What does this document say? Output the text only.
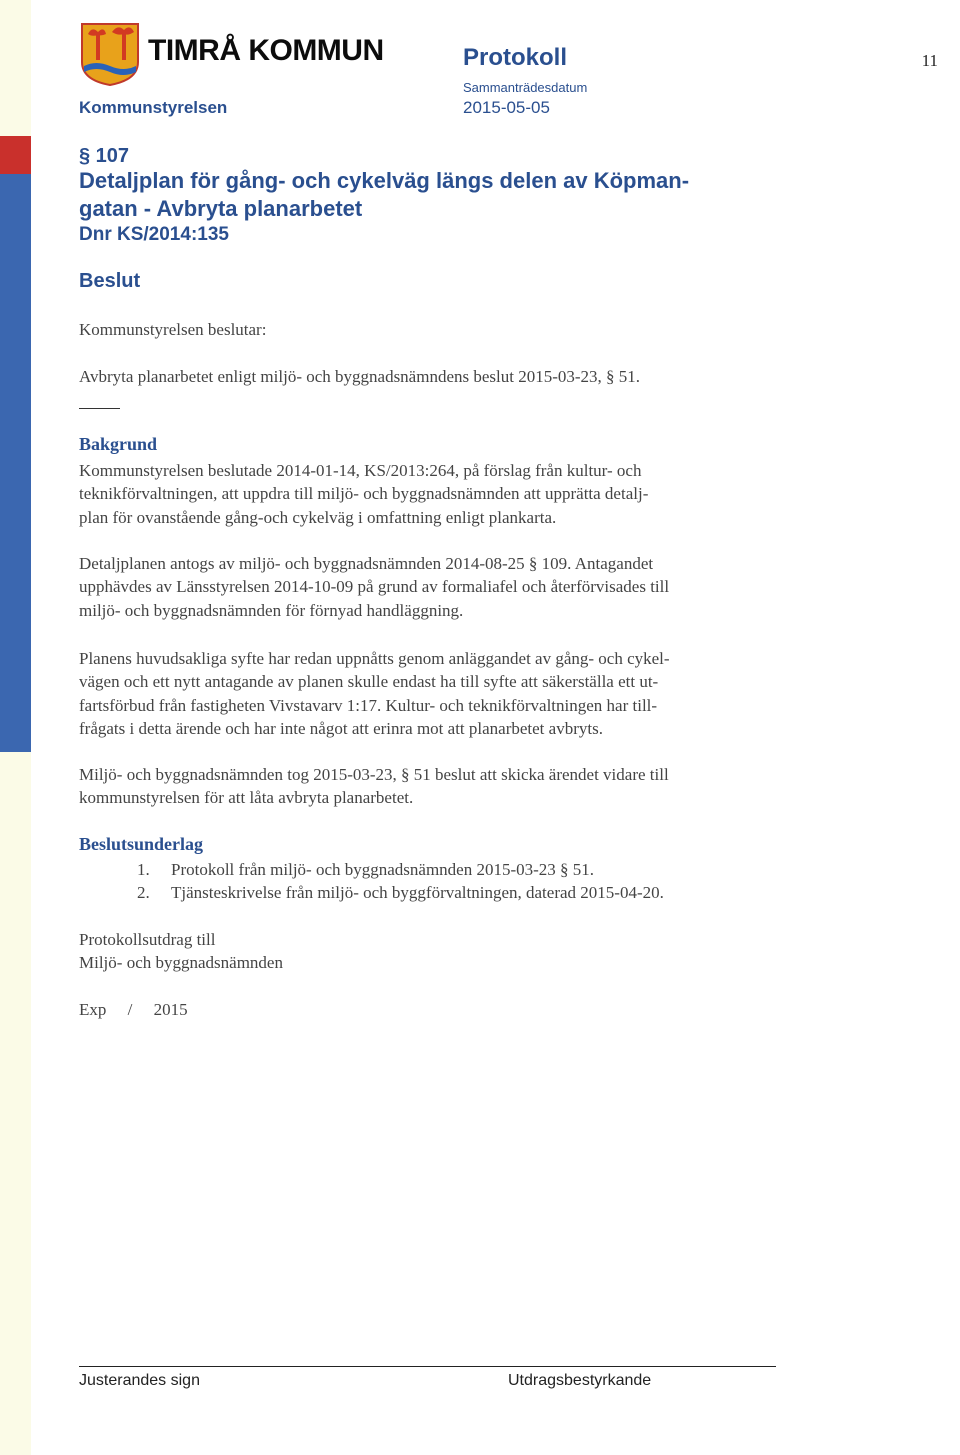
TIMRÅ KOMMUN	Protokoll	11
Sammanträdesdatum
Kommunstyrelsen	2015-05-05
§ 107
Detaljplan för gång- och cykelväg längs delen av Köpman-
gatan - Avbryta planarbetet
Dnr KS/2014:135
Beslut
Kommunstyrelsen beslutar:
Avbryta planarbetet enligt miljö- och byggnadsnämndens beslut 2015-03-23, § 51.
Bakgrund
Kommunstyrelsen beslutade 2014-01-14, KS/2013:264, på förslag från kultur- och
teknikförvaltningen, att uppdra till miljö- och byggnadsnämnden att upprätta detalj-
plan för ovanstående gång-och cykelväg i omfattning enligt plankarta.
Detaljplanen antogs av miljö- och byggnadsnämnden 2014-08-25 § 109. Antagandet
upphävdes av Länsstyrelsen 2014-10-09 på grund av formaliafel och återförvisades till
miljö- och byggnadsnämnden för förnyad handläggning.
Planens huvudsakliga syfte har redan uppnåtts genom anläggandet av gång- och cykel-
vägen och ett nytt antagande av planen skulle endast ha till syfte att säkerställa ett ut-
fartsförbud från fastigheten Vivstavarv 1:17. Kultur- och teknikförvaltningen har till-
frågats i detta ärende och har inte något att erinra mot att planarbetet avbryts.
Miljö- och byggnadsnämnden tog 2015-03-23, § 51 beslut att skicka ärendet vidare till
kommunstyrelsen för att låta avbryta planarbetet.
Beslutsunderlag
1. Protokoll från miljö- och byggnadsnämnden 2015-03-23 § 51.
2. Tjänsteskrivelse från miljö- och byggförvaltningen, daterad 2015-04-20.
Protokollsutdrag till
Miljö- och byggnadsnämnden
Exp     /     2015
Justerandes sign	Utdragsbestyrkande
